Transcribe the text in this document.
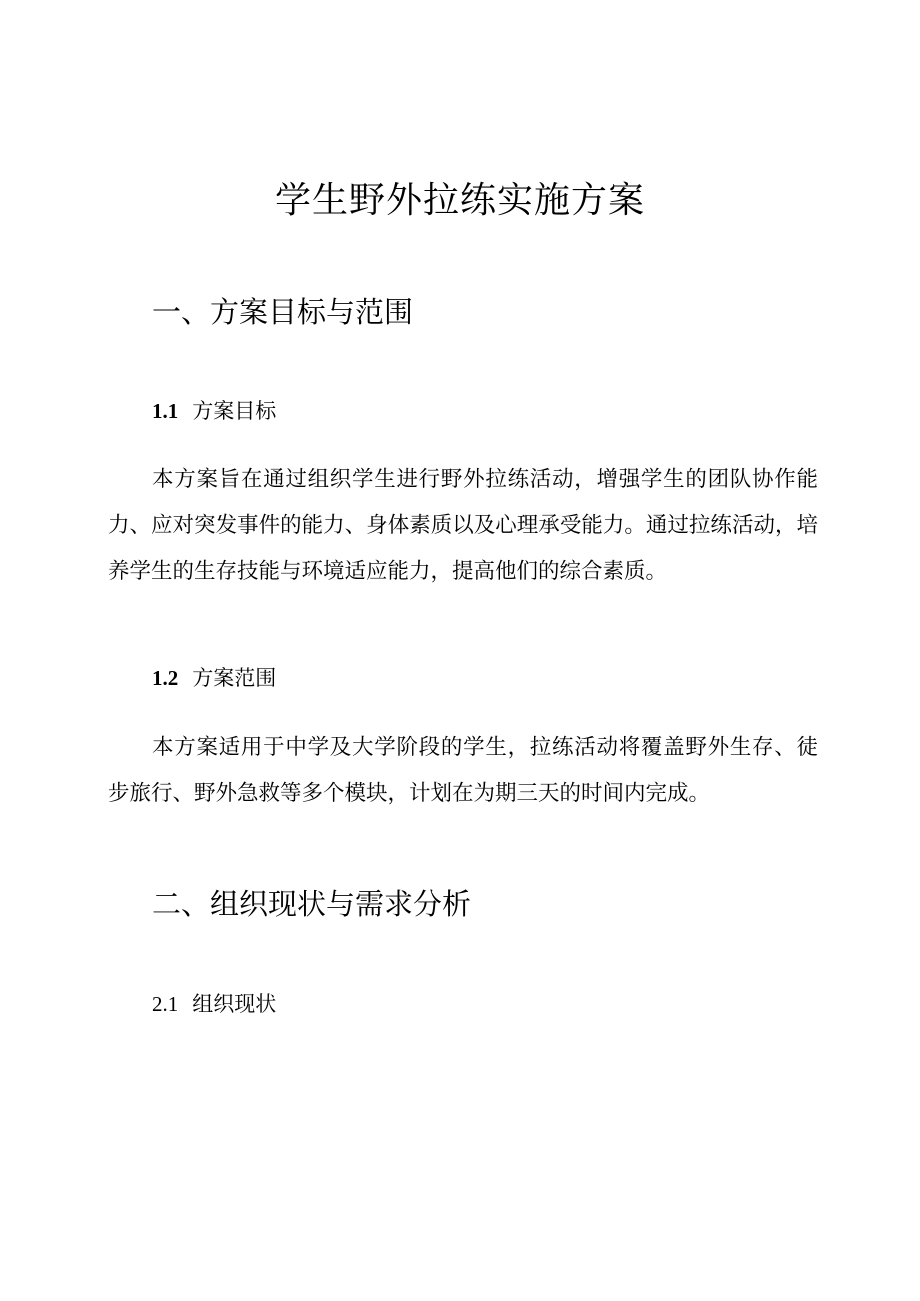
学生野外拉练实施方案
一、方案目标与范围
1.1 方案目标

本方案旨在通过组织学生进行野外拉练活动，增强学生的团队协作能力、应对突发事件的能力、身体素质以及心理承受能力。通过拉练活动，培养学生的生存技能与环境适应能力，提高他们的综合素质。

1.2 方案范围

本方案适用于中学及大学阶段的学生，拉练活动将覆盖野外生存、徒步旅行、野外急救等多个模块，计划在为期三天的时间内完成。

二、组织现状与需求分析
2.1 组织现状
